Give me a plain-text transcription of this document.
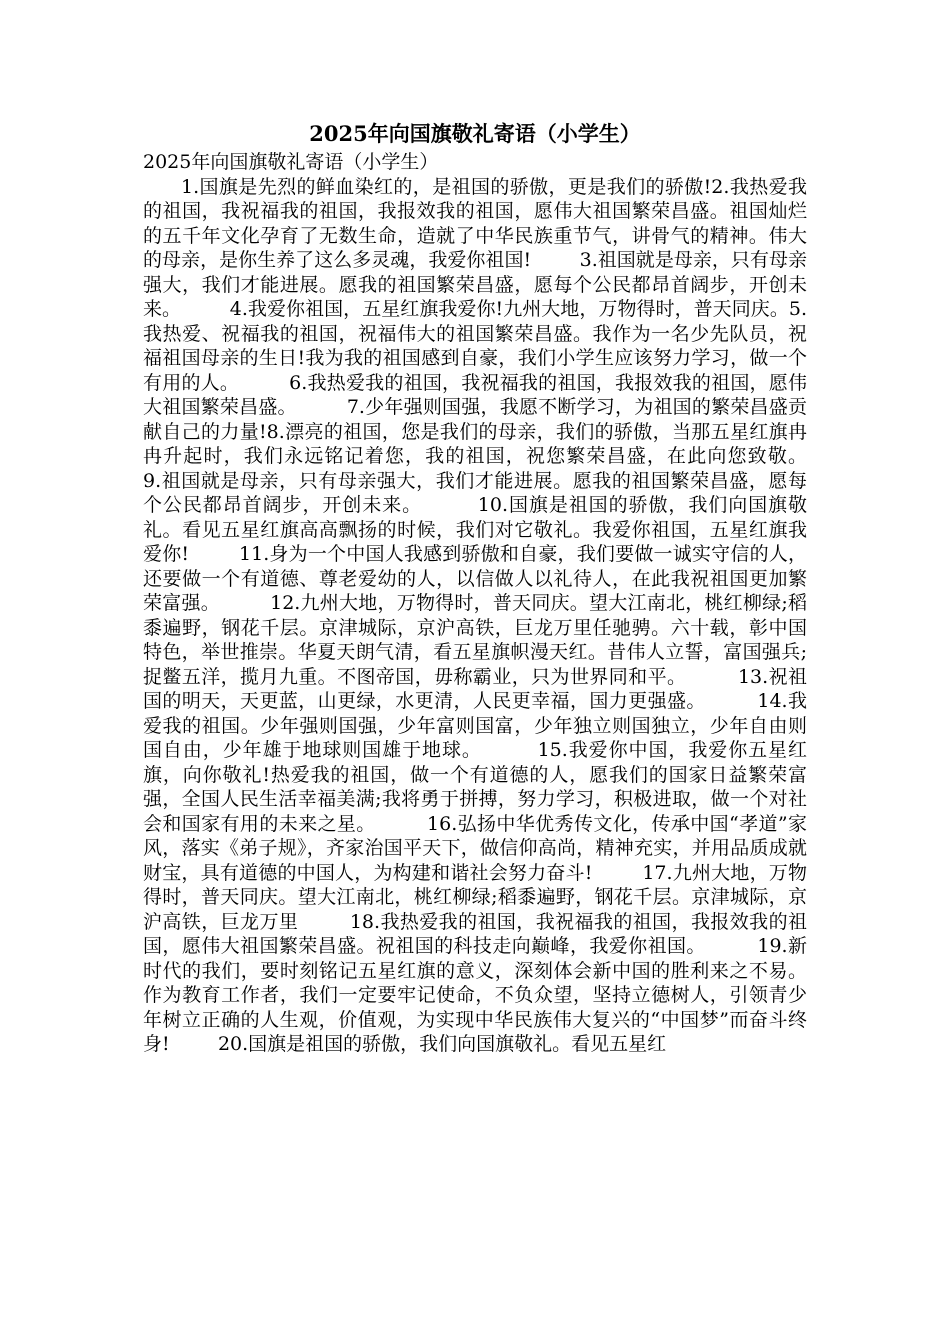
2025年向国旗敬礼寄语（小学生）

2025年向国旗敬礼寄语（小学生）

1.国旗是先烈的鲜血染红的，是祖国的骄傲，更是我们的骄傲!2.我热爱我的祖国，我祝福我的祖国，我报效我的祖国，愿伟大祖国繁荣昌盛。祖国灿烂的五千年文化孕育了无数生命，造就了中华民族重节气，讲骨气的精神。伟大的母亲，是你生养了这么多灵魂，我爱你祖国!        3.祖国就是母亲，只有母亲强大，我们才能进展。愿我的祖国繁荣昌盛，愿每个公民都昂首阔步，开创未来。        4.我爱你祖国，五星红旗我爱你!九州大地，万物得时，普天同庆。5.我热爱、祝福我的祖国，祝福伟大的祖国繁荣昌盛。我作为一名少先队员，祝福祖国母亲的生日!我为我的祖国感到自豪，我们小学生应该努力学习，做一个有用的人。        6.我热爱我的祖国，我祝福我的祖国，我报效我的祖国，愿伟大祖国繁荣昌盛。        7.少年强则国强，我愿不断学习，为祖国的繁荣昌盛贡献自己的力量!8.漂亮的祖国，您是我们的母亲，我们的骄傲，当那五星红旗冉冉升起时，我们永远铭记着您，我的祖国，祝您繁荣昌盛，在此向您致敬。        9.祖国就是母亲，只有母亲强大，我们才能进展。愿我的祖国繁荣昌盛，愿每个公民都昂首阔步，开创未来。        10.国旗是祖国的骄傲，我们向国旗敬礼。看见五星红旗高高飘扬的时候，我们对它敬礼。我爱你祖国，五星红旗我爱你!        11.身为一个中国人我感到骄傲和自豪，我们要做一诚实守信的人，还要做一个有道德、尊老爱幼的人，以信做人以礼待人，在此我祝祖国更加繁荣富强。        12.九州大地，万物得时，普天同庆。望大江南北，桃红柳绿;稻黍遍野，钢花千层。京津城际，京沪高铁，巨龙万里任驰骋。六十载，彰中国特色，举世推崇。华夏天朗气清，看五星旗帜漫天红。昔伟人立誓，富国强兵;捉鳖五洋，揽月九重。不图帝国，毋称霸业，只为世界同和平。        13.祝祖国的明天，天更蓝，山更绿，水更清，人民更幸福，国力更强盛。        14.我爱我的祖国。少年强则国强，少年富则国富，少年独立则国独立，少年自由则国自由，少年雄于地球则国雄于地球。        15.我爱你中国，我爱你五星红旗，向你敬礼!热爱我的祖国，做一个有道德的人，愿我们的国家日益繁荣富强，全国人民生活幸福美满;我将勇于拼搏，努力学习，积极进取，做一个对社会和国家有用的未来之星。        16.弘扬中华优秀传文化，传承中国“孝道”家风，落实《弟子规》，齐家治国平天下，做信仰高尚，精神充实，并用品质成就财宝，具有道德的中国人，为构建和谐社会努力奋斗!        17.九州大地，万物得时，普天同庆。望大江南北，桃红柳绿;稻黍遍野，钢花千层。京津城际，京沪高铁，巨龙万里        18.我热爱我的祖国，我祝福我的祖国，我报效我的祖国，愿伟大祖国繁荣昌盛。祝祖国的科技走向巅峰，我爱你祖国。        19.新时代的我们，要时刻铭记五星红旗的意义，深刻体会新中国的胜利来之不易。作为教育工作者，我们一定要牢记使命，不负众望，坚持立德树人，引领青少年树立正确的人生观，价值观，为实现中华民族伟大复兴的“中国梦”而奋斗终身!        20.国旗是祖国的骄傲，我们向国旗敬礼。看见五星红
